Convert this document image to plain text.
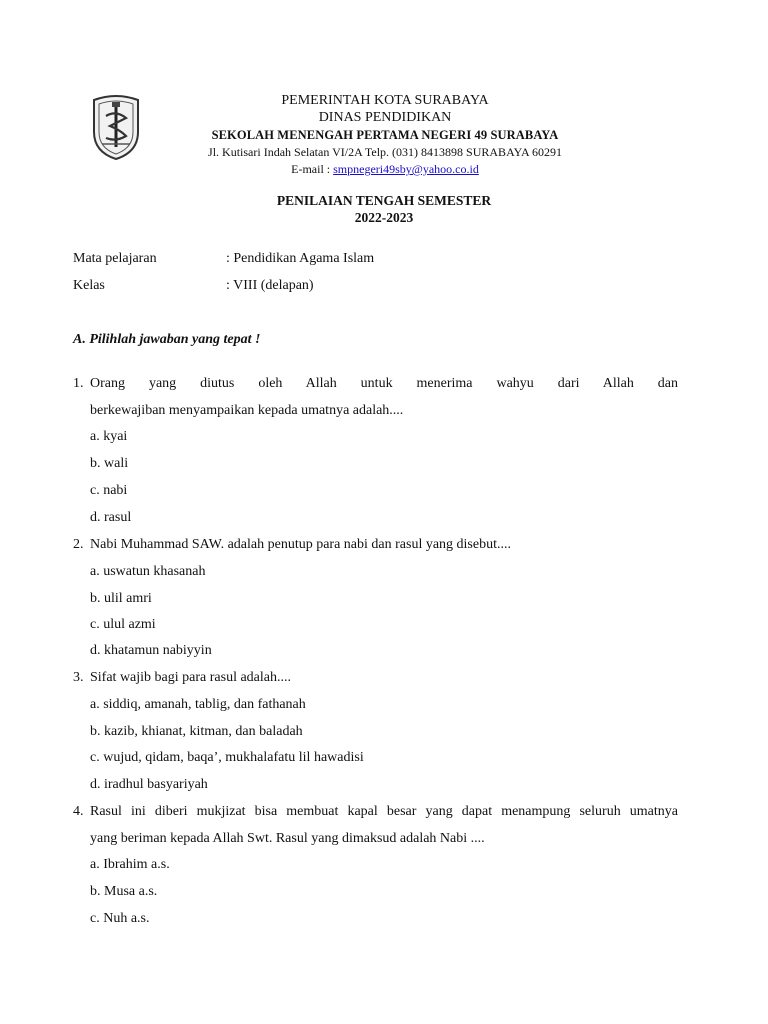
PEMERINTAH KOTA SURABAYA
DINAS PENDIDIKAN
SEKOLAH MENENGAH PERTAMA NEGERI 49 SURABAYA
Jl. Kutisari Indah Selatan VI/2A Telp. (031) 8413898 SURABAYA 60291
E-mail : smpnegeri49sby@yahoo.co.id
PENILAIAN TENGAH SEMESTER
2022-2023
Mata pelajaran	: Pendidikan Agama Islam
Kelas	: VIII (delapan)
A. Pilihlah jawaban yang tepat !
1. Orang yang diutus oleh Allah untuk menerima wahyu dari Allah dan
berkewajiban menyampaikan kepada umatnya adalah....
a. kyai
b. wali
c. nabi
d. rasul
2. Nabi Muhammad SAW. adalah penutup para nabi dan rasul yang disebut....
a. uswatun khasanah
b. ulil amri
c. ulul azmi
d. khatamun nabiyyin
3. Sifat wajib bagi para rasul adalah....
a. siddiq, amanah, tablig, dan fathanah
b. kazib, khianat, kitman, dan baladah
c. wujud, qidam, baqa’, mukhalafatu lil hawadisi
d. iradhul basyariyah
4. Rasul ini diberi mukjizat bisa membuat kapal besar yang dapat menampung seluruh umatnya
yang beriman kepada Allah Swt. Rasul yang dimaksud adalah Nabi ....
a. Ibrahim a.s.
b. Musa a.s.
c. Nuh a.s.
